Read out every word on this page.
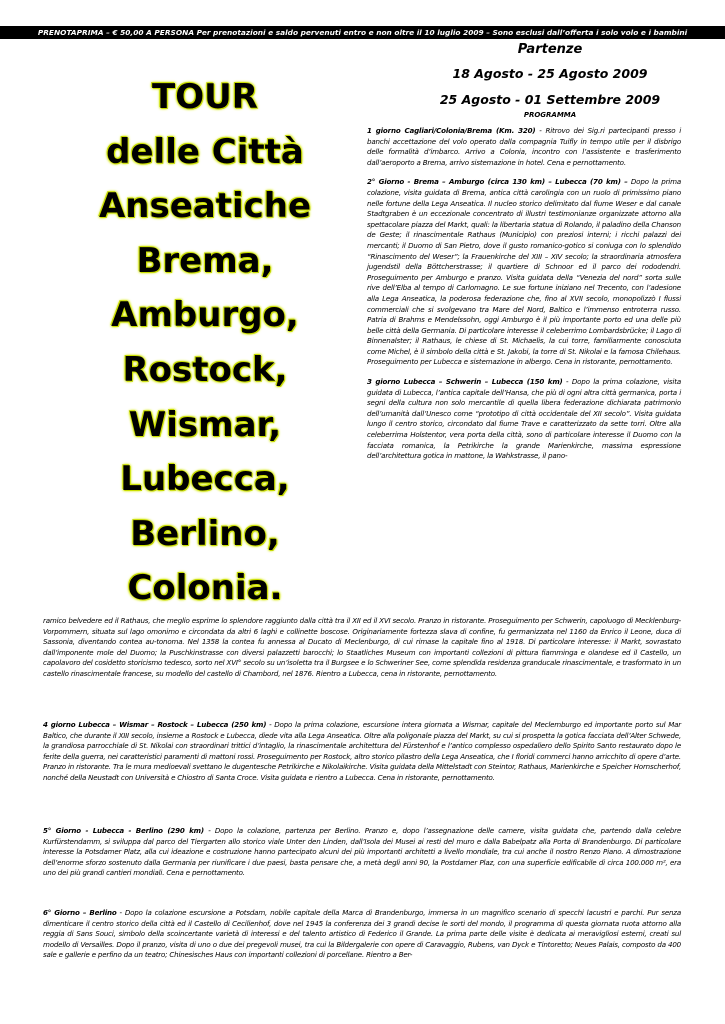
PRENOTAPRIMA – € 50,00 A PERSONA Per prenotazioni e saldo pervenuti entro e non oltre il 10 luglio 2009 – Sono esclusi dall’offerta i solo volo e i bambini
Partenze
18 Agosto - 25 Agosto 2009
25 Agosto - 01 Settembre 2009
PROGRAMMA
TOUR
delle Città
Anseatiche
Brema,
Amburgo,
Rostock,
Wismar,
Lubecca,
Berlino,
Colonia.

1 giorno Cagliari/Colonia/Brema (Km. 320) - Ritrovo dei Sig.ri partecipanti presso i banchi accettazione del volo operato dalla compagnia Tuifly in tempo utile per il disbrigo delle formalità d’imbarco. Arrivo a Colonia, incontro con l’assistente e trasferimento dall’aeroporto a Brema, arrivo sistemazione in hotel. Cena e pernottamento.

2° Giorno - Brema – Amburgo (circa 130 km) – Lubecca (70 km) – Dopo la prima colazione, visita guidata di Brema, antica città carolingia con un ruolo di primissimo piano nelle fortune della Lega Anseatica. Il nucleo storico delimitato dal fiume Weser e dal canale Stadtgraben è un eccezionale concentrato di illustri testimonianze organizzate attorno alla spettacolare piazza del Markt, quali: la libertaria statua di Rolando, il paladino della Chanson de Geste; il rinascimentale Rathaus (Municipio) con preziosi interni; i ricchi palazzi dei mercanti; il Duomo di San Pietro, dove il gusto romanico-gotico si coniuga con lo splendido “Rinascimento del Weser”; la Frauenkirche del XIII – XIV secolo; la straordinaria atmosfera jugendstil della Böttcherstrasse; il quartiere di Schnoor ed il parco dei rododendri. Proseguimento per Amburgo e pranzo. Visita guidata della “Venezia del nord” sorta sulle rive dell’Elba al tempo di Carlomagno. Le sue fortune iniziano nel Trecento, con l’adesione alla Lega Anseatica, la poderosa federazione che, fino al XVII secolo, monopolizzò I flussi commerciali che si svolgevano tra Mare del Nord, Baltico e l’immenso entroterra russo. Patria di Brahms e Mendelssohn, oggi Amburgo è il più importante porto ed una delle più belle città della Germania. Di particolare interesse il celeberrimo Lombardsbrücke; il Lago di Binnenalster; il Rathaus, le chiese di St. Michaelis, la cui torre, familiarmente conosciuta come Michel, è il simbolo della città e St. Jakobi, la torre di St. Nikolai e la famosa Chilehaus. Proseguimento per Lubecca e sistemazione in albergo. Cena in ristorante, pernottamento.

3 giorno Lubecca – Schwerin – Lubecca (150 km) - Dopo la prima colazione, visita guidata di Lubecca, l’antica capitale dell’Hansa, che più di ogni altra città germanica, porta i segni della cultura non solo mercantile di quella libera federazione dichiarata patrimonio dell’umanità dall’Unesco come “prototipo di città occidentale del XII secolo”. Visita guidata lungo il centro storico, circondato dal fiume Trave e caratterizzato da sette torri. Oltre alla celeberrima Holstentor, vera porta della città, sono di particolare interesse il Duomo con la facciata romanica, la Petrikirche la grande Marienkirche, massima espressione dell’architettura gotica in mattone, la Wahkstrasse, il pano-

ramico belvedere ed il Rathaus, che meglio esprime lo splendore raggiunto dalla città tra il XII ed il XVI secolo. Pranzo in ristorante. Proseguimento per Schwerin, capoluogo di Mecklenburg-Vorpommern, situata sul lago omonimo e circondata da altri 6 laghi e collinette boscose. Originariamente fortezza slava di confine, fu germanizzata nel 1160 da Enrico il Leone, duca di Sassonia, diventando contea au-tonoma. Nel 1358 la contea fu annessa al Ducato di Meclenburgo, di cui rimase la capitale fino al 1918. Di particolare interesse: il Markt, sovrastato dall’imponente mole del Duomo; la Puschkinstrasse con diversi palazzetti barocchi; lo Staatliches Museum con importanti collezioni di pittura fiamminga e olandese ed il Castello, un capolavoro del cosidetto storicismo tedesco, sorto nel XVI° secolo su un’isoletta tra il Burgsee e lo Schweriner See, come splendida residenza granducale rinascimentale, e trasformato in un castello rinascimentale francese, su modello del castello di Chambord, nel 1876. Rientro a Lubecca, cena in ristorante, pernottamento.

4 giorno Lubecca – Wismar – Rostock – Lubecca (250 km) - Dopo la prima colazione, escursione intera giornata a Wismar, capitale del Meclemburgo ed importante porto sul Mar Baltico, che durante il XIII secolo, insieme a Rostock e Lubecca, diede vita alla Lega Anseatica. Oltre alla poligonale piazza del Markt, su cui si prospetta la gotica facciata dell’Alter Schwede, la grandiosa parrocchiale di St. Nikolai con straordinari trittici d’intaglio, la rinascimentale architettura del Fürstenhof e l’antico complesso ospedaliero dello Spirito Santo restaurato dopo le ferite della guerra, nei caratteristici paramenti di mattoni rossi. Proseguimento per Rostock, altro storico pilastro della Lega Anseatica, che I floridi commerci hanno arricchito di opere d’arte. Pranzo in ristorante. Tra le mura medioevali svettano le dugentesche Petrikirche e Nikolaikirche. Visita guidata della Mittelstadt con Steintor, Rathaus, Marienkirche e Speicher Hornscherhof, nonché della Neustadt con Università e Chiostro di Santa Croce. Visita guidata e rientro a Lubecca. Cena in ristorante, pernottamento.

5° Giorno - Lubecca - Berlino (290 km) - Dopo la colazione, partenza per Berlino. Pranzo e, dopo l’assegnazione delle camere, visita guidata che, partendo dalla celebre Kurfürstendamm, si sviluppa dal parco del Tiergarten allo storico viale Unter den Linden, dall’Isola dei Musei ai resti del muro e dalla Babelpatz alla Porta di Brandenburgo. Di particolare interesse la Potsdamer Platz, alla cui ideazione e costruzione hanno partecipato alcuni dei più importanti architetti a livello mondiale, tra cui anche il nostro Renzo Piano. A dimostrazione dell’enorme sforzo sostenuto dalla Germania per riunificare i due paesi, basta pensare che, a metà degli anni 90, la Postdamer Plaz, con una superficie edificabile di circa 100.000 m², era uno dei più grandi cantieri mondiali. Cena e pernottamento.

6° Giorno – Berlino - Dopo la colazione escursione a Potsdam, nobile capitale della Marca di Brandenburgo, immersa in un magnifico scenario di specchi lacustri e parchi. Pur senza dimenticare il centro storico della città ed il Castello di Cecilienhof, dove nel 1945 la conferenza dei 3 grandi decise le sorti del mondo, il programma di questa giornata ruota attorno alla reggia di Sans Souci, simbolo della scoincertante varietà di interessi e del talento artistico di Federico il Grande. La prima parte delle visite è dedicata ai meravigliosi esterni, creati sul modello di Versailles. Dopo il pranzo, visita di uno o due dei pregevoli musei, tra cui la Bildergalerie con opere di Caravaggio, Rubens, van Dyck e Tintoretto; Neues Palais, composto da 400 sale e gallerie e perfino da un teatro; Chinesisches Haus con importanti collezioni di porcellane. Rientro a Ber-
